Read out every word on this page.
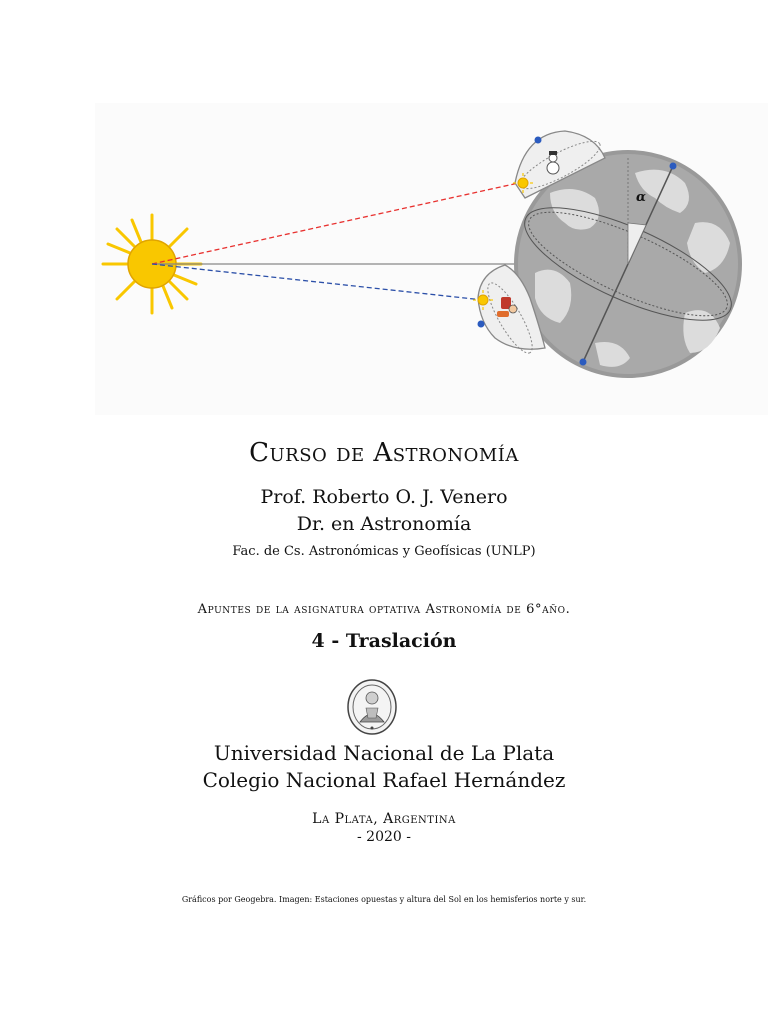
α
Curso de Astronomía
Prof. Roberto O. J. Venero
Dr. en Astronomía
Fac. de Cs. Astronómicas y Geofísicas (UNLP)
Apuntes de la asignatura optativa Astronomía de 6°año.
4 - Traslación
Universidad Nacional de La Plata
Colegio Nacional Rafael Hernández
La Plata, Argentina
- 2020 -
Gráficos por Geogebra. Imagen: Estaciones opuestas y altura del Sol en los hemisferios norte y sur.
